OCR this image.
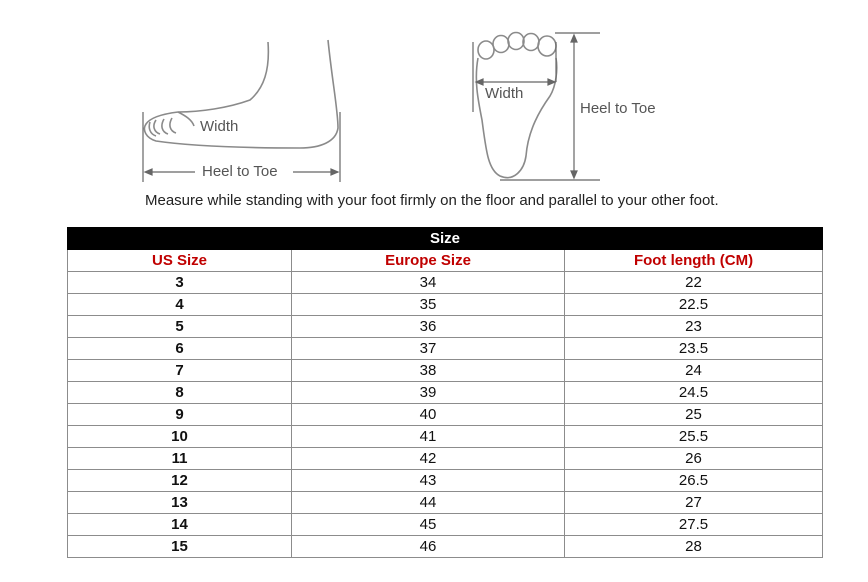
Width
Heel to Toe
Width
Heel to Toe
Measure while standing with your foot firmly on the floor and parallel to your other foot.
Size		
US Size	Europe Size	Foot length (CM)
3	34	22
4	35	22.5
5	36	23
6	37	23.5
7	38	24
8	39	24.5
9	40	25
10	41	25.5
11	42	26
12	43	26.5
13	44	27
14	45	27.5
15	46	28
